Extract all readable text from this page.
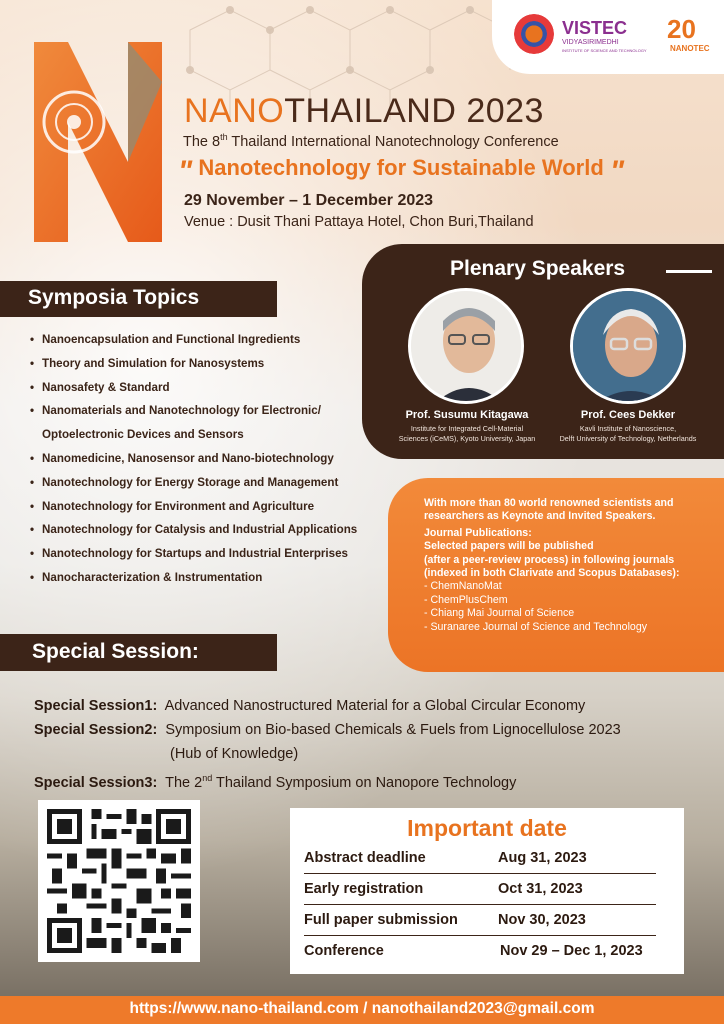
VISTEC
VIDYASIRIMEDHI
INSTITUTE OF SCIENCE AND TECHNOLOGY
20
NANOTEC
NANOTHAILAND 2023
The 8th Thailand International Nanotechnology Conference
" Nanotechnology for Sustainable World "
29 November – 1 December 2023
Venue : Dusit Thani Pattaya Hotel, Chon Buri,Thailand
Plenary Speakers
Prof. Susumu Kitagawa
Institute for Integrated Cell-Material
Sciences (iCeMS), Kyoto University, Japan
Prof. Cees Dekker
Kavli Institute of Nanoscience,
Delft University of Technology, Netherlands
Symposia Topics
• Nanoencapsulation and Functional Ingredients
• Theory and Simulation for Nanosystems
• Nanosafety & Standard
• Nanomaterials and Nanotechnology for Electronic/
Optoelectronic Devices and Sensors
• Nanomedicine, Nanosensor and Nano-biotechnology
• Nanotechnology for Energy Storage and Management
• Nanotechnology for Environment and Agriculture
• Nanotechnology for Catalysis and Industrial Applications
• Nanotechnology for Startups and Industrial Enterprises
• Nanocharacterization & Instrumentation
With more than 80 world renowned scientists and researchers as Keynote and Invited Speakers.
Journal Publications:
Selected papers will be published
(after a peer-review process) in following journals
(indexed in both Clarivate and Scopus Databases):
- ChemNanoMat
- ChemPlusChem
- Chiang Mai Journal of Science
- Suranaree Journal of Science and Technology
Special Session:
Special Session1: Advanced Nanostructured Material for a Global Circular Economy
Special Session2: Symposium on Bio-based Chemicals & Fuels from Lignocellulose 2023
(Hub of Knowledge)
Special Session3: The 2nd Thailand Symposium on Nanopore Technology
Important date
Abstract deadline	Aug 31, 2023
Early registration	Oct 31, 2023
Full paper submission	Nov 30, 2023
Conference	Nov 29 – Dec 1, 2023
https://www.nano-thailand.com / nanothailand2023@gmail.com
